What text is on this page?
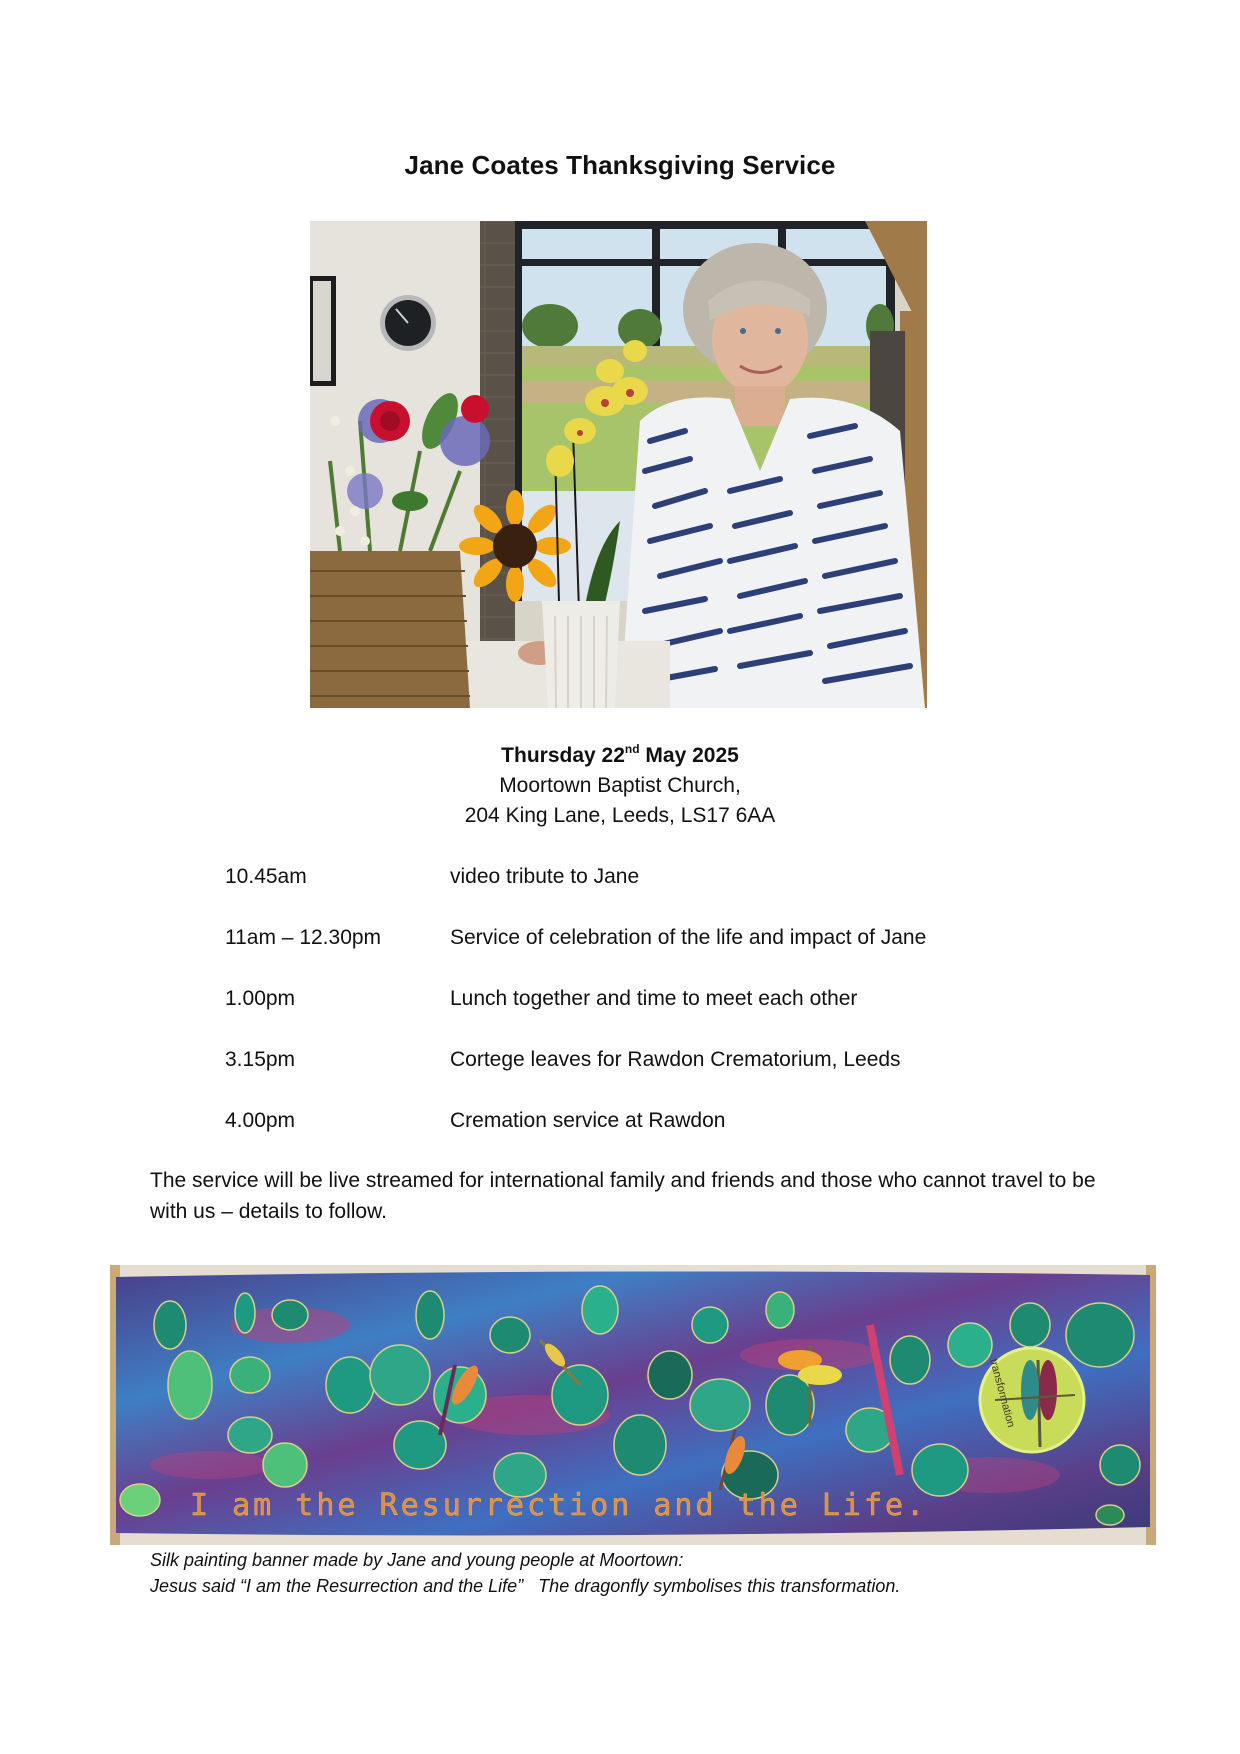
Jane Coates Thanksgiving Service
Thursday 22nd May 2025
Moortown Baptist Church,
204 King Lane, Leeds, LS17 6AA
10.45am	video tribute to Jane
11am – 12.30pm	Service of celebration of the life and impact of Jane
1.00pm	Lunch together and time to meet each other
3.15pm	Cortege leaves for Rawdon Crematorium, Leeds
4.00pm	Cremation service at Rawdon
The service will be live streamed for international family and friends and those who cannot travel to be with us – details to follow.
transformation
I am the Resurrection and the Life.
Silk painting banner made by Jane and young people at Moortown:
Jesus said “I am the Resurrection and the Life”   The dragonfly symbolises this transformation.
